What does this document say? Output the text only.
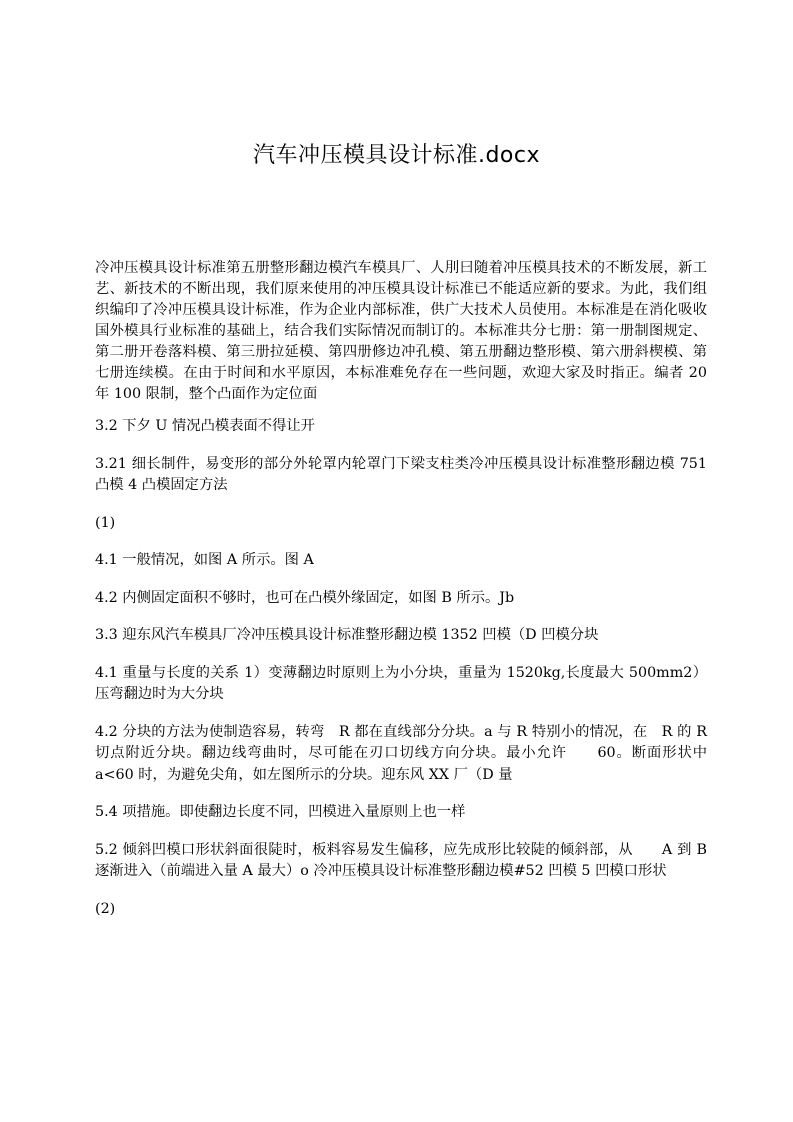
汽车冲压模具设计标准.docx

冷冲压模具设计标准第五册整形翻边模汽车模具厂、人刖曰随着冲压模具技术的不断发展，新工艺、新技术的不断出现，我们原来使用的冲压模具设计标准已不能适应新的要求。为此，我们组织编印了冷冲压模具设计标准，作为企业内部标准，供广大技术人员使用。本标准是在消化吸收国外模具行业标准的基础上，结合我们实际情况而制订的。本标准共分七册：第一册制图规定、第二册开卷落料模、第三册拉延模、第四册修边冲孔模、第五册翻边整形模、第六册斜楔模、第七册连续模。在由于时间和水平原因，本标准难免存在一些问题，欢迎大家及时指正。编者 20 年 100 限制，整个凸面作为定位面

3.2 下夕 U 情况凸模表面不得让开

3.21 细长制件，易变形的部分外轮罩内轮罩门下梁支柱类冷冲压模具设计标准整形翻边模 751 凸模 4 凸模固定方法

(1)

4.1 一般情况，如图 A 所示。图 A

4.2 内侧固定面积不够时，也可在凸模外缘固定，如图 B 所示。Jb

3.3 迎东风汽车模具厂冷冲压模具设计标准整形翻边模 1352 凹模（D 凹模分块

4.1 重量与长度的关系 1）变薄翻边时原则上为小分块，重量为 1520kg,长度最大 500mm2）压弯翻边时为大分块

4.2 分块的方法为使制造容易，转弯　R 都在直线部分分块。a 与 R 特别小的情况，在　R 的 R 切点附近分块。翻边线弯曲时，尽可能在刃口切线方向分块。最小允许　　60。断面形状中 a<60 时，为避免尖角，如左图所示的分块。迎东风 XX 厂（D 量

5.4 项措施。即使翻边长度不同，凹模进入量原则上也一样

5.2 倾斜凹模口形状斜面很陡时，板料容易发生偏移，应先成形比较陡的倾斜部，从　　A 到 B 逐渐进入（前端进入量 A 最大）o 冷冲压模具设计标准整形翻边模#52 凹模 5 凹模口形状

(2)
